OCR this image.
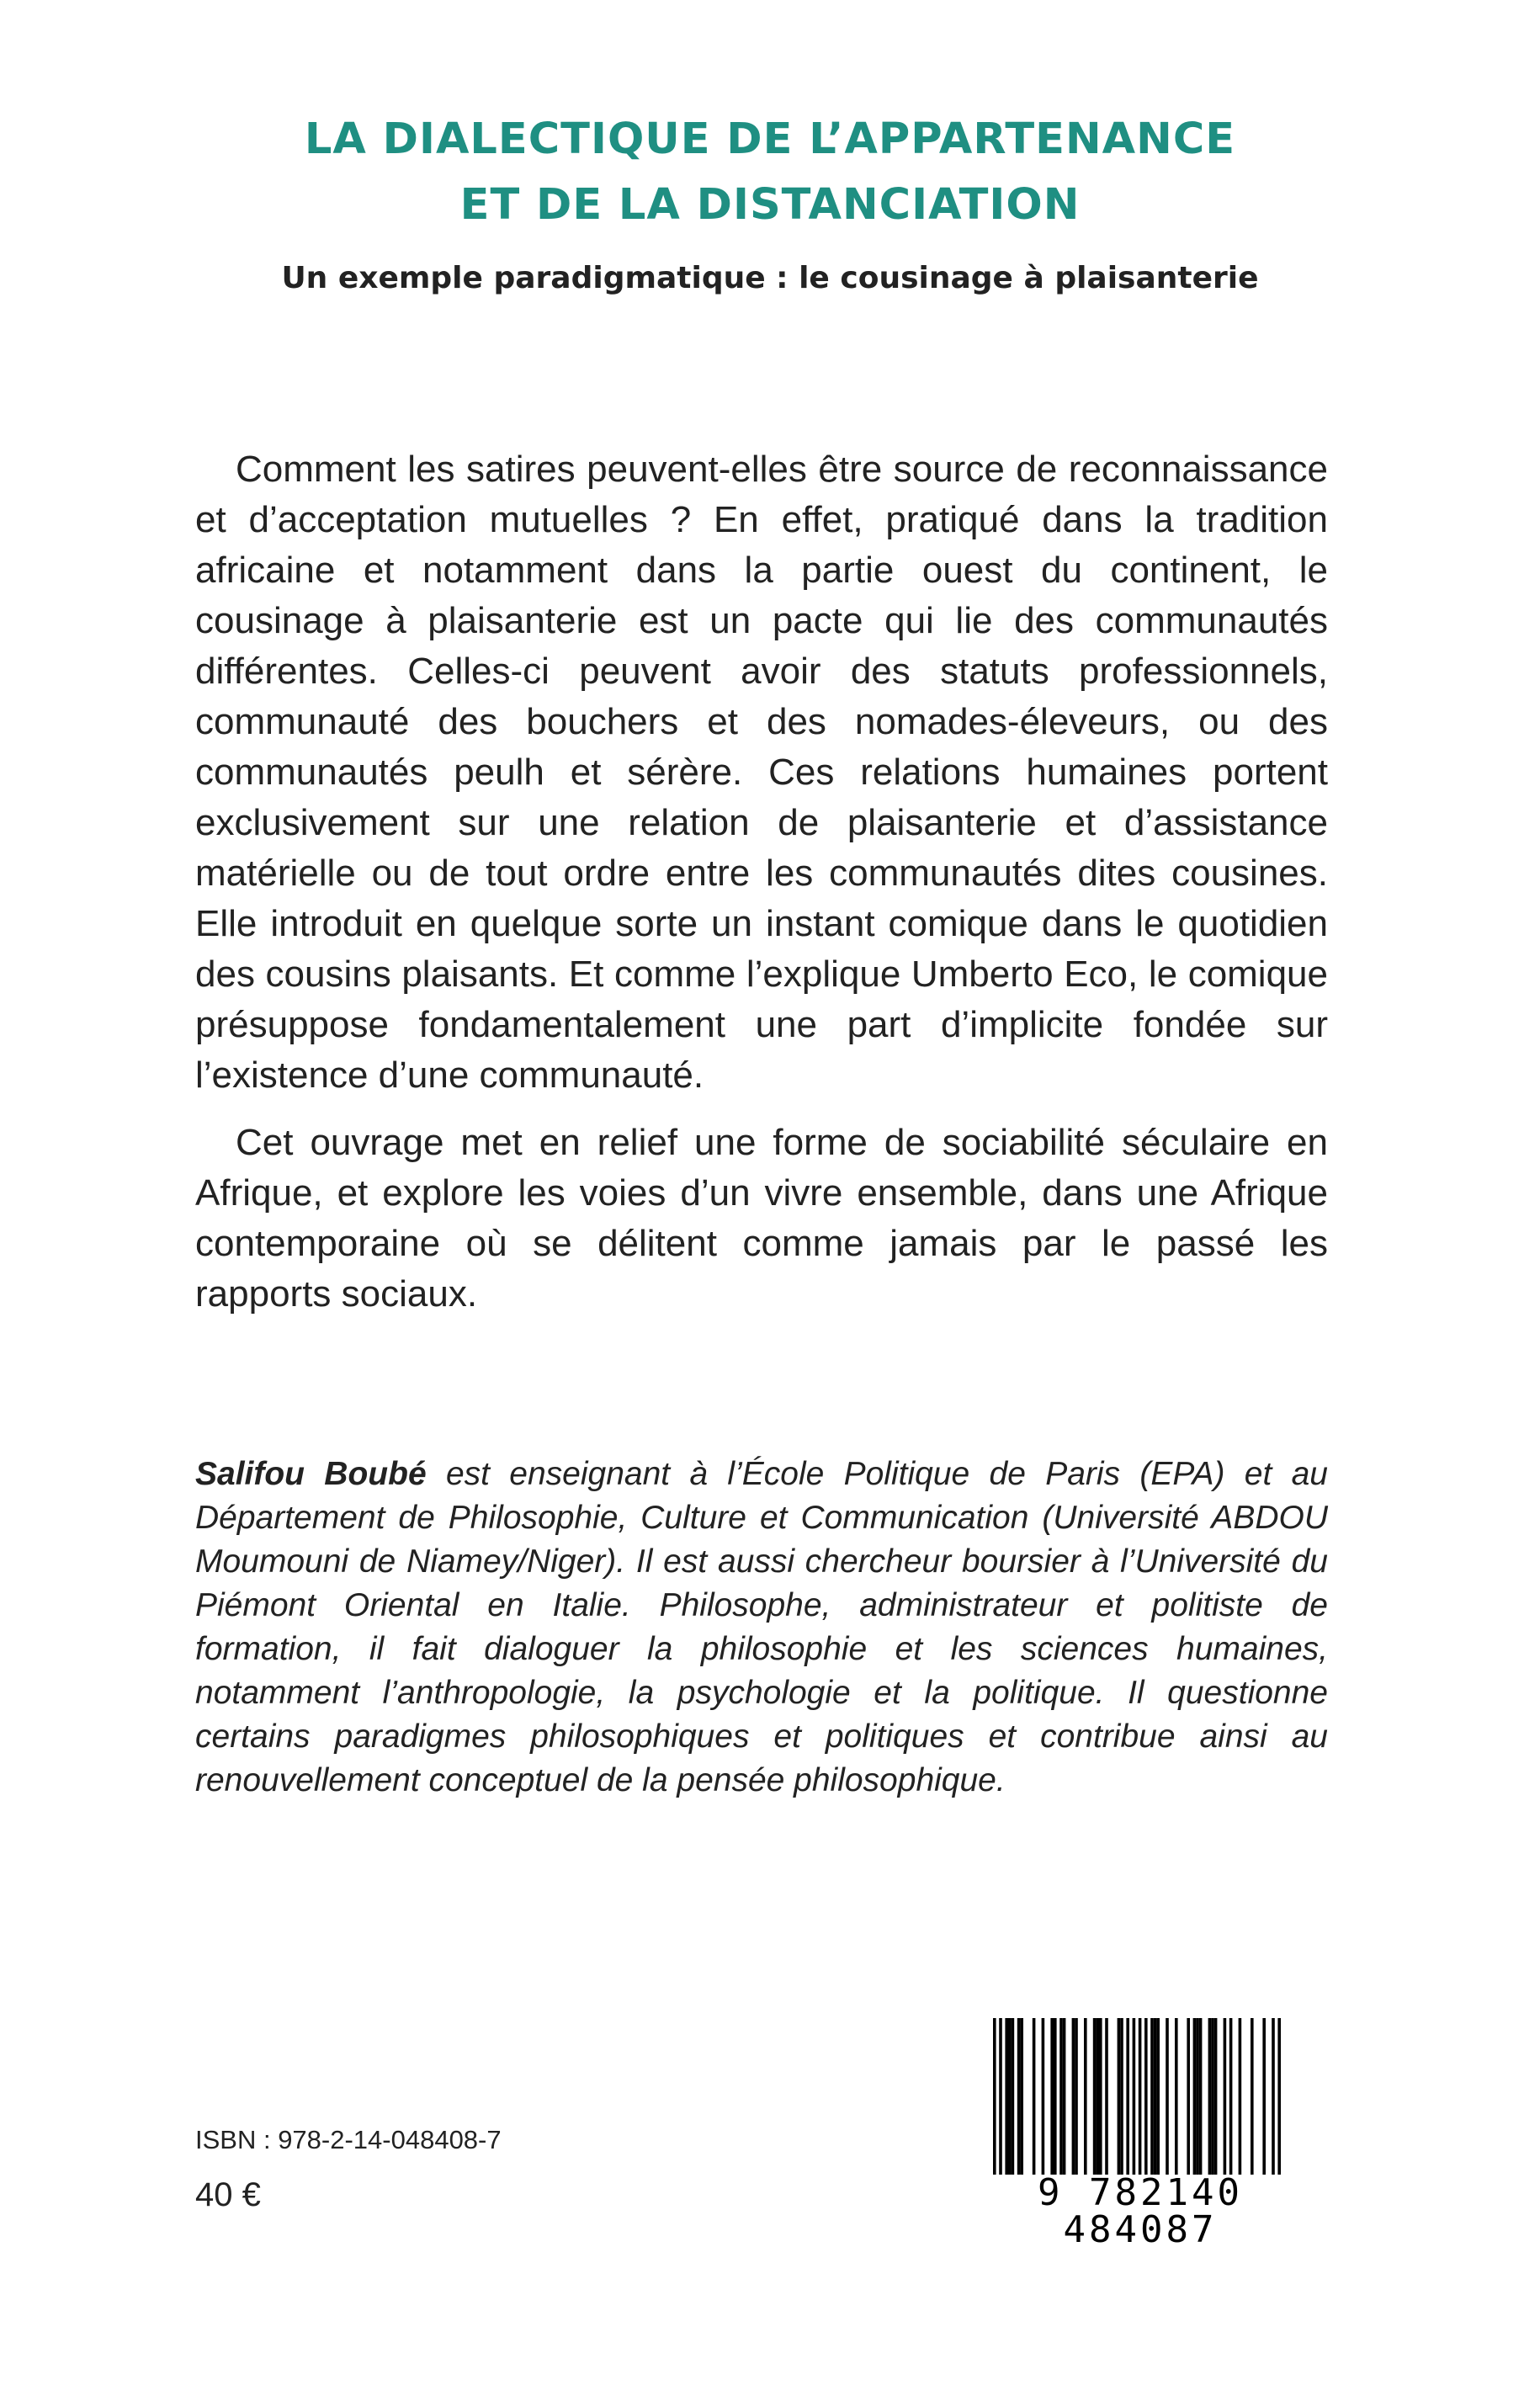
LA DIALECTIQUE DE L’APPARTENANCE
ET DE LA DISTANCIATION
Un exemple paradigmatique : le cousinage à plaisanterie

Comment les satires peuvent-elles être source de reconnaissance et d’acceptation mutuelles ? En effet, pratiqué dans la tradition africaine et notamment dans la partie ouest du continent, le cousinage à plaisanterie est un pacte qui lie des communautés différentes. Celles-ci peuvent avoir des statuts professionnels, communauté des bouchers et des nomades-éleveurs, ou des communautés peulh et sérère. Ces relations humaines portent exclusivement sur une relation de plaisanterie et d’assistance matérielle ou de tout ordre entre les communautés dites cousines. Elle introduit en quelque sorte un instant comique dans le quotidien des cousins plaisants. Et comme l’explique Umberto Eco, le comique présuppose fondamentalement une part d’implicite fondée sur l’existence d’une communauté.

Cet ouvrage met en relief une forme de sociabilité séculaire en Afrique, et explore les voies d’un vivre ensemble, dans une Afrique contemporaine où se délitent comme jamais par le passé les rapports sociaux.

Salifou Boubé est enseignant à l’École Politique de Paris (EPA) et au Département de Philosophie, Culture et Communication (Université ABDOU Moumouni de Niamey/Niger). Il est aussi chercheur boursier à l’Université du Piémont Oriental en Italie. Philosophe, administrateur et politiste de formation, il fait dialoguer la philosophie et les sciences humaines, notamment l’anthropologie, la psychologie et la politique. Il questionne certains paradigmes philosophiques et politiques et contribue ainsi au renouvellement conceptuel de la pensée philosophique.

ISBN : 978-2-14-048408-7

40 €	9 782140 484087
